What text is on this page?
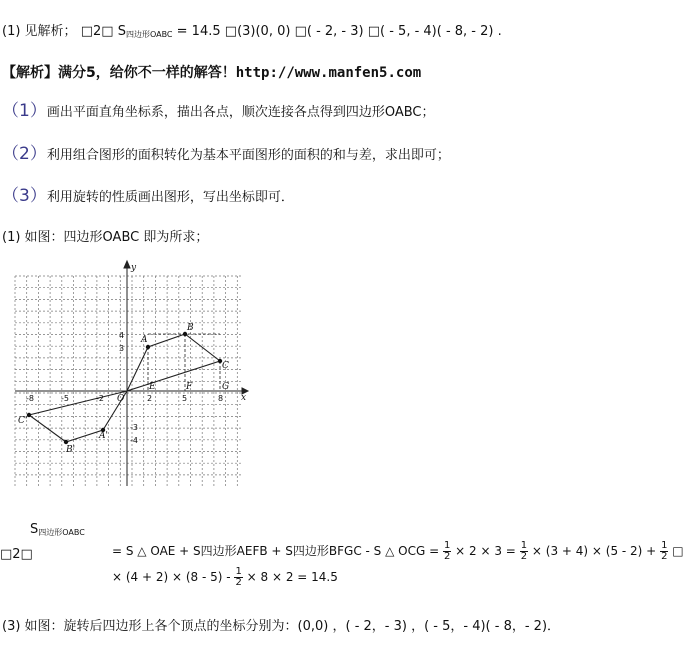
(1) 见解析； □2□ $S_{四边形OABC} = 14.5$ □(3)(0, 0) □( - 2, - 3) □( - 5, - 4)( - 8, - 2) .
【解析】满分5，给你不一样的解答！http://www.manfen5.com
（1）画出平面直角坐标系，描出各点，顺次连接各点得到四边形OABC；
（2）利用组合图形的面积转化为基本平面图形的面积的和与差，求出即可；
（3）利用旋转的性质画出图形，写出坐标即可．
(1) 如图：四边形OABC 即为所求；
y
x
O
A
B
C
E	F	G
A'
B'
C'
-8	-5	-2	2	5	8
4
3
-3
-4
$S_{四边形OABC}$
□2□	= S △ OAE + S四边形AEFB + S四边形BFGC - S △ OCG = $\frac{1}{2} \times 2 \times 3 = \frac{1}{2} \times (3 + 4) \times (5 - 2) + \frac{1}{2}$ □
× $(4 + 2) \times (8 - 5) - \frac{1}{2} \times 8 \times 2 = 14.5$
(3) 如图：旋转后四边形上各个顶点的坐标分别为：(0,0) ，( - 2，- 3) ，( - 5，- 4)( - 8，- 2)．
